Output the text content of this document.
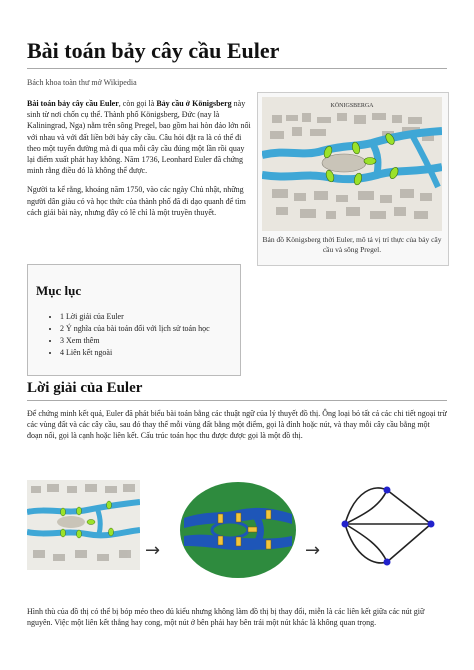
Bài toán bảy cây cầu Euler
Bách khoa toàn thư mở Wikipedia

Bài toán bảy cây cầu Euler, còn gọi là Bảy cầu ở Königsberg này sinh từ nơi chốn cụ thể. Thành phố Königsberg, Đức (nay là Kaliningrad, Nga) nằm trên sông Pregel, bao gồm hai hòn đảo lớn nối với nhau và với đất liền bởi bảy cây cầu. Câu hỏi đặt ra là có thể đi theo một tuyến đường mà đi qua mỗi cây cầu đúng một lần rồi quay lại điểm xuất phát hay không. Năm 1736, Leonhard Euler đã chứng minh rằng điều đó là không thể được.

Người ta kể rằng, khoảng năm 1750, vào các ngày Chủ nhật, những người dân giàu có và học thức của thành phố đã đi dạo quanh để tìm cách giải bài này, nhưng đây có lẽ chỉ là một truyền thuyết.

KÖNIGSBERGA
Bản đồ Königsberg thời Euler, mô tả vị trí thực của bảy cây cầu và sông Pregel.
Mục lục
• 1 Lời giải của Euler
• 2 Ý nghĩa của bài toán đối với lịch sử toán học
• 3 Xem thêm
• 4 Liên kết ngoài
Lời giải của Euler
Để chứng minh kết quả, Euler đã phát biểu bài toán bằng các thuật ngữ của lý thuyết đồ thị. Ông loại bỏ tất cả các chi tiết ngoại trừ các vùng đất và các cây cầu, sau đó thay thế mỗi vùng đất bằng một điểm, gọi là đỉnh hoặc nút, và thay mỗi cây cầu bằng một đoạn nối, gọi là cạnh hoặc liên kết. Cấu trúc toán học thu được được gọi là một đồ thị.
→	→
Hình thù của đồ thị có thể bị bóp méo theo đủ kiểu nhưng không làm đồ thị bị thay đổi, miễn là các liên kết giữa các nút giữ nguyên. Việc một liên kết thẳng hay cong, một nút ở bên phải hay bên trái một nút khác là không quan trọng.
